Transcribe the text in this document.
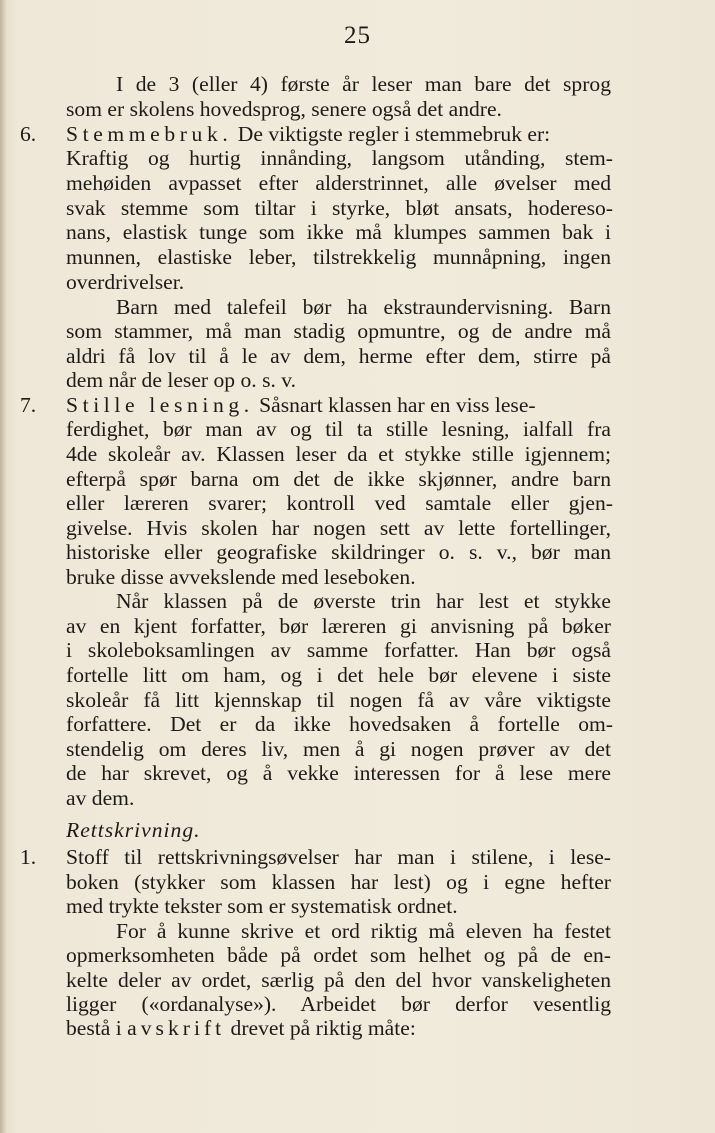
25
I de 3 (eller 4) første år leser man bare det sprog
som er skolens hovedsprog, senere også det andre.
6. Stemmebruk. De viktigste regler i stemmebruk er:
Kraftig og hurtig innånding, langsom utånding, stem-
mehøiden avpasset efter alderstrinnet, alle øvelser med
svak stemme som tiltar i styrke, bløt ansats, hodereso-
nans, elastisk tunge som ikke må klumpes sammen bak i
munnen, elastiske leber, tilstrekkelig munnåpning, ingen
overdrivelser.
Barn med talefeil bør ha ekstraundervisning. Barn
som stammer, må man stadig opmuntre, og de andre må
aldri få lov til å le av dem, herme efter dem, stirre på
dem når de leser op o. s. v.
7. Stille lesning. Såsnart klassen har en viss lese-
ferdighet, bør man av og til ta stille lesning, ialfall fra
4de skoleår av. Klassen leser da et stykke stille igjennem;
efterpå spør barna om det de ikke skjønner, andre barn
eller læreren svarer; kontroll ved samtale eller gjen-
givelse. Hvis skolen har nogen sett av lette fortellinger,
historiske eller geografiske skildringer o. s. v., bør man
bruke disse avvekslende med leseboken.
Når klassen på de øverste trin har lest et stykke
av en kjent forfatter, bør læreren gi anvisning på bøker
i skoleboksamlingen av samme forfatter. Han bør også
fortelle litt om ham, og i det hele bør elevene i siste
skoleår få litt kjennskap til nogen få av våre viktigste
forfattere. Det er da ikke hovedsaken å fortelle om-
stendelig om deres liv, men å gi nogen prøver av det
de har skrevet, og å vekke interessen for å lese mere
av dem.
Rettskrivning.
1. Stoff til rettskrivningsøvelser har man i stilene, i lese-
boken (stykker som klassen har lest) og i egne hefter
med trykte tekster som er systematisk ordnet.
For å kunne skrive et ord riktig må eleven ha festet
opmerksomheten både på ordet som helhet og på de en-
kelte deler av ordet, særlig på den del hvor vanskeligheten
ligger («ordanalyse»). Arbeidet bør derfor vesentlig
bestå i avskrift drevet på riktig måte:
